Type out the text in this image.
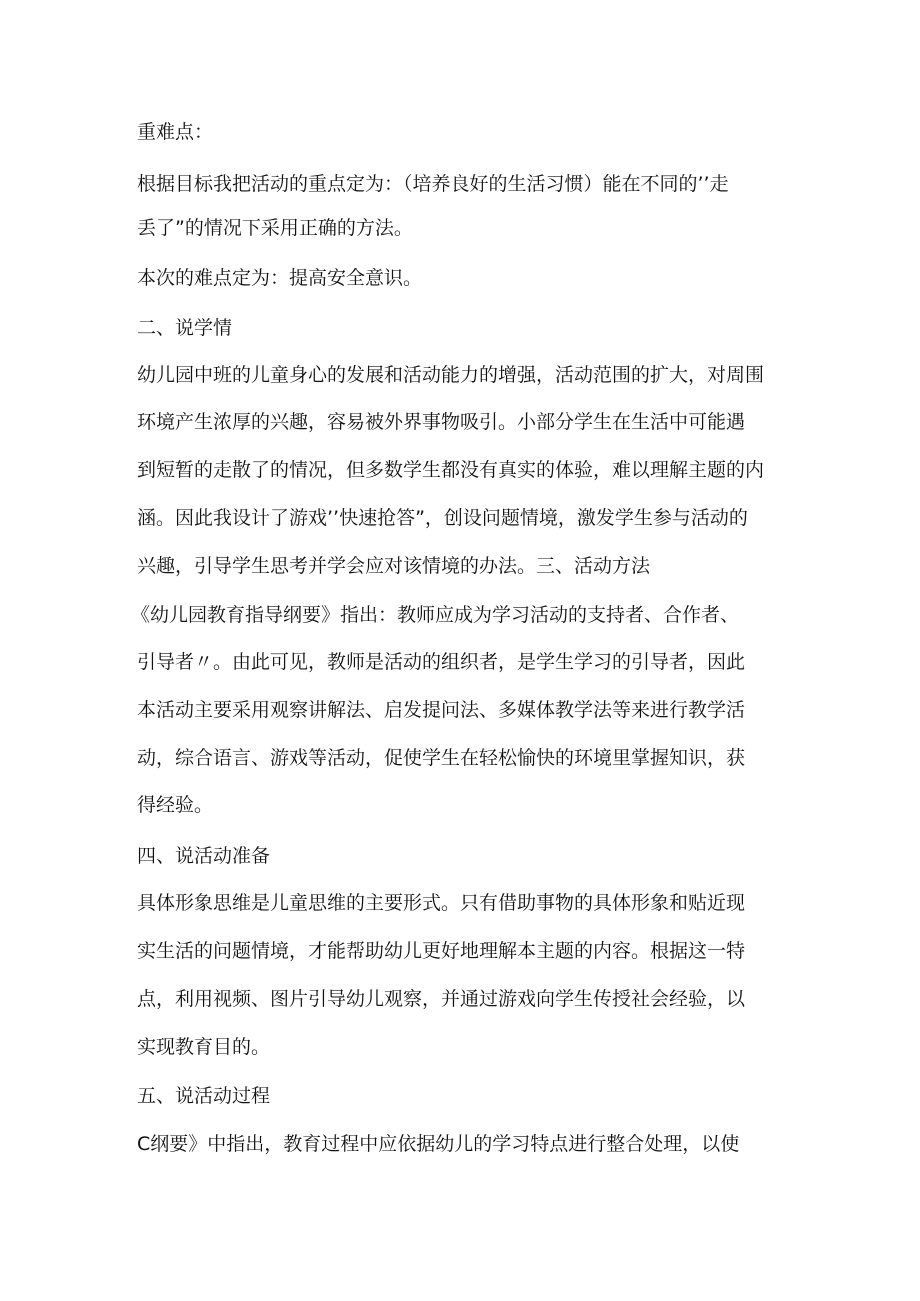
重难点：
根据目标我把活动的重点定为：（培养良好的生活习惯）能在不同的’’走
丢了”的情况下采用正确的方法。
本次的难点定为：提高安全意识。
二、说学情
幼儿园中班的儿童身心的发展和活动能力的增强，活动范围的扩大，对周围
环境产生浓厚的兴趣，容易被外界事物吸引。小部分学生在生活中可能遇
到短暂的走散了的情况，但多数学生都没有真实的体验，难以理解主题的内
涵。因此我设计了游戏’’快速抢答”，创设问题情境，激发学生参与活动的
兴趣，引导学生思考并学会应对该情境的办法。三、活动方法
《幼儿园教育指导纲要》指出：教师应成为学习活动的支持者、合作者、
引导者〃。由此可见，教师是活动的组织者，是学生学习的引导者，因此
本活动主要采用观察讲解法、启发提问法、多媒体教学法等来进行教学活
动，综合语言、游戏等活动，促使学生在轻松愉快的环境里掌握知识，获
得经验。
四、说活动准备
具体形象思维是儿童思维的主要形式。只有借助事物的具体形象和贴近现
实生活的问题情境，才能帮助幼儿更好地理解本主题的内容。根据这一特
点，利用视频、图片引导幼儿观察，并通过游戏向学生传授社会经验，以
实现教育目的。
五、说活动过程
C纲要》中指出，教育过程中应依据幼儿的学习特点进行整合处理，以使
